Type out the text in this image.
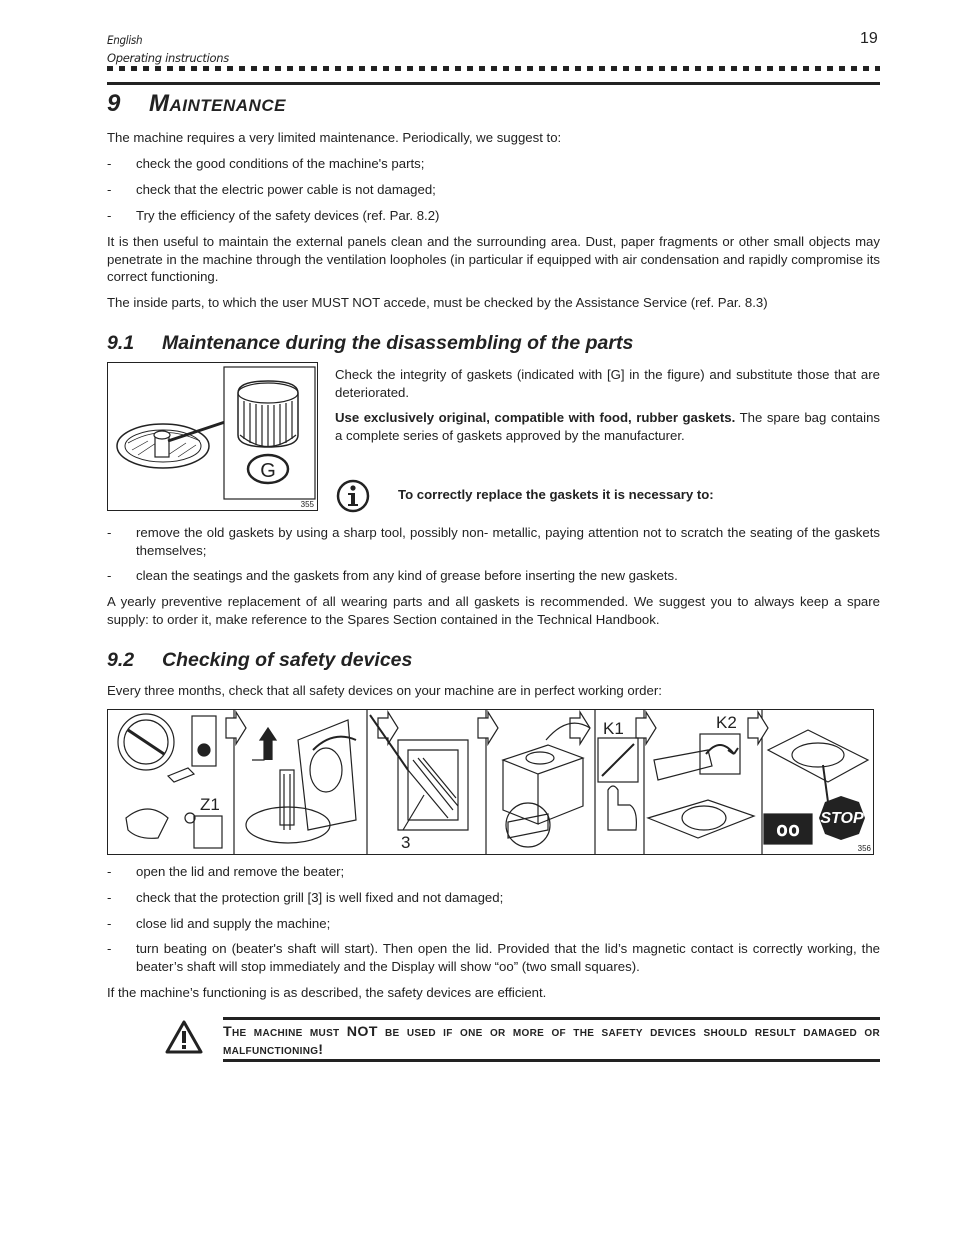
English
Operating instructions
19
9 Maintenance
The machine requires a very limited maintenance. Periodically, we suggest to:
- check the good conditions of the machine's parts;
- check that the electric power cable is not damaged;
- Try the efficiency of the safety devices (ref. Par. 8.2)
It is then useful to maintain the external panels clean and the surrounding area. Dust, paper fragments or other small objects may penetrate in the machine through the ventilation loopholes (in particular if equipped with air condensation and rapidly compromise its correct functioning.
The inside parts, to which the user MUST NOT accede, must be checked by the Assistance Service (ref. Par. 8.3)
9.1 Maintenance during the disassembling of the parts
G
355
Check the integrity of gaskets (indicated with [G] in the figure) and substitute those that are deteriorated.
Use exclusively original, compatible with food, rubber gaskets. The spare bag contains a complete series of gaskets approved by the manufacturer.
To correctly replace the gaskets it is necessary to:
- remove the old gaskets by using a sharp tool, possibly non- metallic, paying attention not to scratch the seating of the gaskets themselves;
- clean the seatings and the gaskets from any kind of grease before inserting the new gaskets.
A yearly preventive replacement of all wearing parts and all gaskets is recommended. We suggest you to always keep a spare supply: to order it, make reference to the Spares Section contained in the Technical Handbook.
9.2 Checking of safety devices
Every three months, check that all safety devices on your machine are in perfect working order:
STOP
oo
Z1
K1	K2
3	356
- open the lid and remove the beater;
- check that the protection grill [3] is well fixed and not damaged;
- close lid and supply the machine;
- turn beating on (beater's shaft will start). Then open the lid. Provided that the lid’s magnetic contact is correctly working, the beater’s shaft will stop immediately and the Display will show “oo” (two small squares).
If the machine’s functioning is as described, the safety devices are efficient.
The machine must NOT be used if one or more of the safety devices should result damaged or malfunctioning!
